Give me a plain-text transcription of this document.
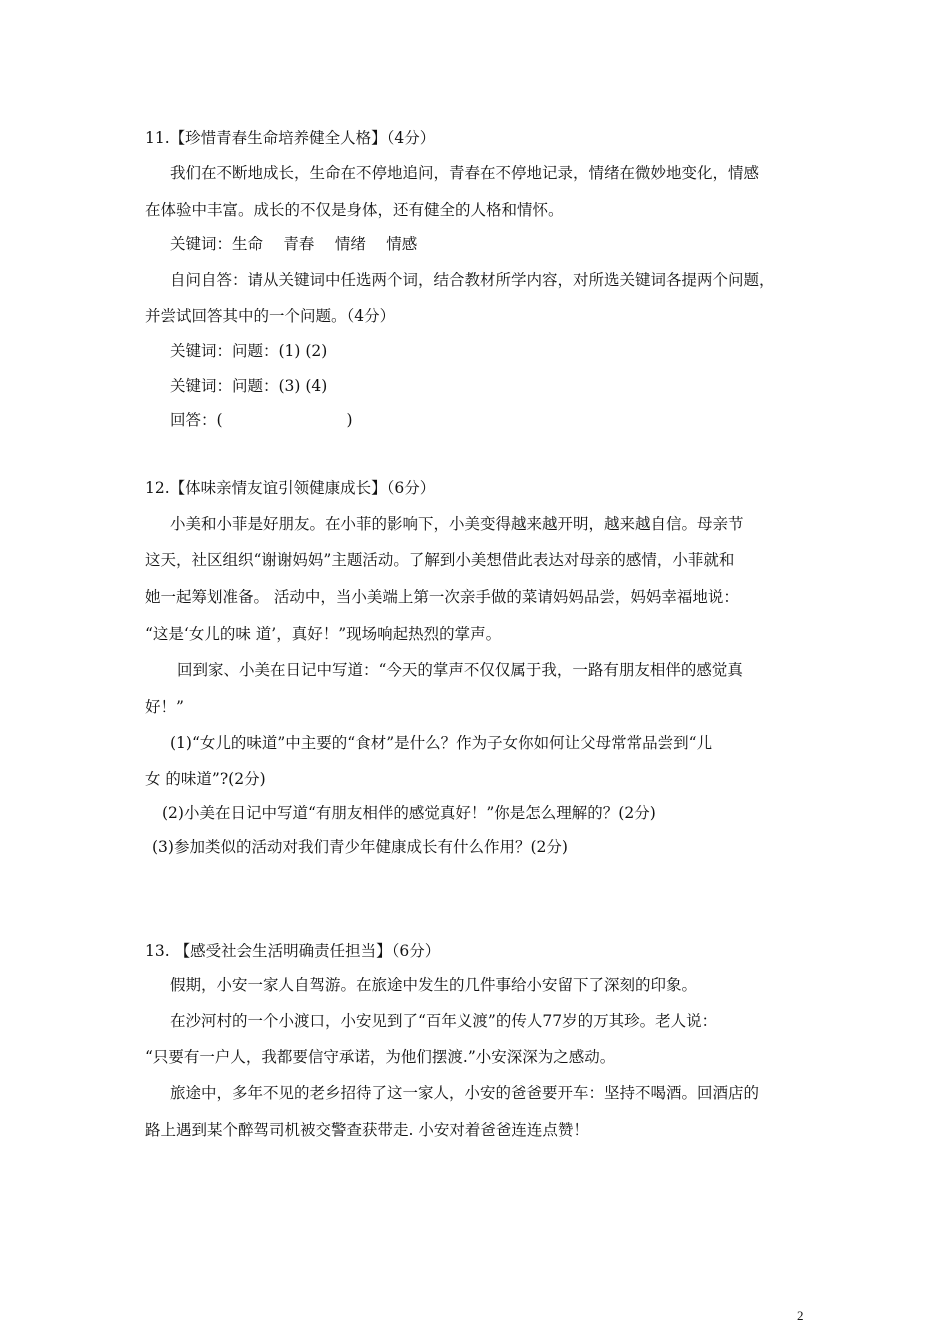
11.【珍惜青春生命培养健全人格】（4分）
我们在不断地成长，生命在不停地追问，青春在不停地记录，情绪在微妙地变化，情感
在体验中丰富。成长的不仅是身体，还有健全的人格和情怀。
关键词：生命　 青春　 情绪　 情感
自问自答：请从关键词中任选两个词，结合教材所学内容，对所选关键词各提两个问题，
并尝试回答其中的一个问题。（4分）
关键词：问题：(1) (2)
关键词：问题：(3) (4)
回答：(　　　　　　　　)
12.【体味亲情友谊引领健康成长】（6分）
小美和小菲是好朋友。在小菲的影响下，小美变得越来越开明，越来越自信。母亲节
这天，社区组织“谢谢妈妈”主题活动。了解到小美想借此表达对母亲的感情，小菲就和
她一起筹划准备。 活动中，当小美端上第一次亲手做的菜请妈妈品尝，妈妈幸福地说：
“这是‘女儿的味 道’，真好！”现场响起热烈的掌声。
回到家、小美在日记中写道：“今天的掌声不仅仅属于我，一路有朋友相伴的感觉真
好！”
(1)“女儿的味道”中主要的“食材”是什么？作为子女你如何让父母常常品尝到“儿
女 的味道”?(2分)
(2)小美在日记中写道“有朋友相伴的感觉真好！”你是怎么理解的？(2分)
(3)参加类似的活动对我们青少年健康成长有什么作用？(2分)
13. 【感受社会生活明确责任担当】（6分）
假期，小安一家人自驾游。在旅途中发生的几件事给小安留下了深刻的印象。
在沙河村的一个小渡口，小安见到了“百年义渡”的传人77岁的万其珍。老人说：
“只要有一户人，我都要信守承诺，为他们摆渡.”小安深深为之感动。
旅途中，多年不见的老乡招待了这一家人，小安的爸爸要开车：坚持不喝酒。回酒店的
路上遇到某个醉驾司机被交警查获带走. 小安对着爸爸连连点赞！
2
